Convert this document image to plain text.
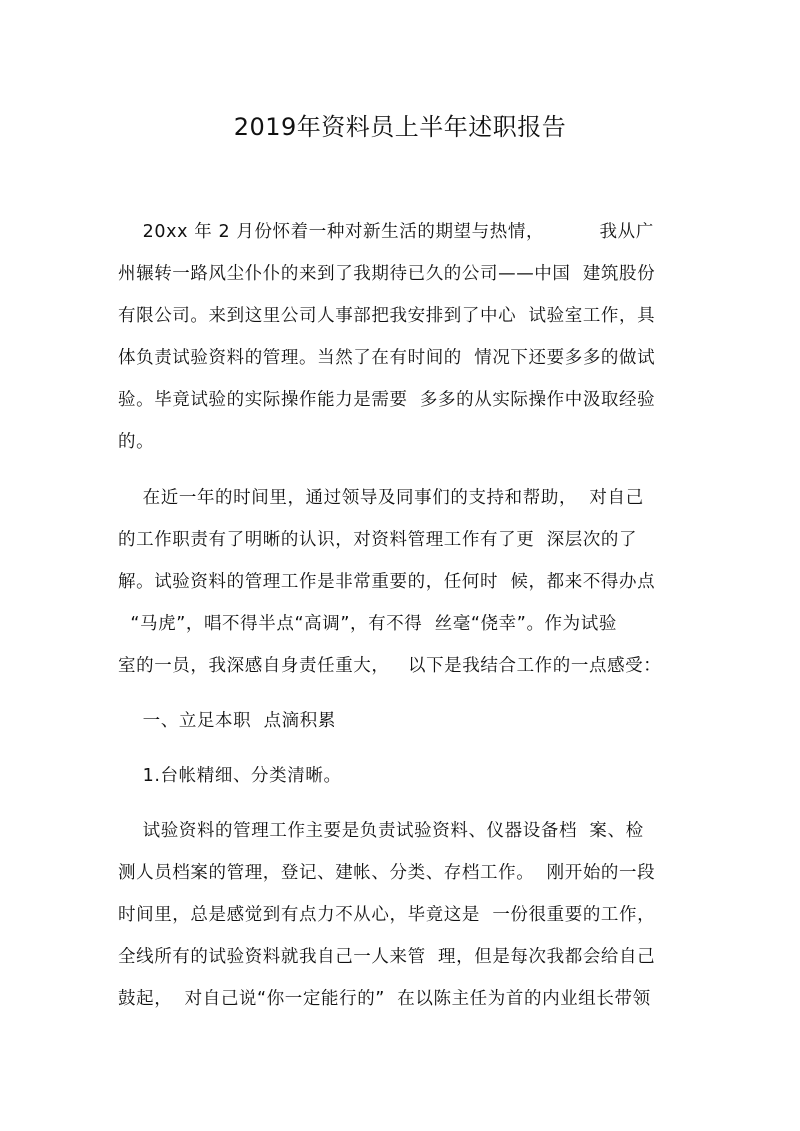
2019年资料员上半年述职报告
20xx 年 2 月份怀着一种对新生活的期望与热情，         我从广
州辗转一路风尘仆仆的来到了我期待已久的公司——中国  建筑股份
有限公司。来到这里公司人事部把我安排到了中心  试验室工作，具
体负责试验资料的管理。当然了在有时间的  情况下还要多多的做试
验。毕竟试验的实际操作能力是需要  多多的从实际操作中汲取经验
的。
在近一年的时间里，通过领导及同事们的支持和帮助，  对自己
的工作职责有了明晰的认识，对资料管理工作有了更  深层次的了
解。试验资料的管理工作是非常重要的，任何时  候，都来不得办点
“马虎”，唱不得半点“高调”，有不得  丝毫“侥幸”。作为试验
室的一员，我深感自身责任重大，   以下是我结合工作的一点感受：
一、立足本职  点滴积累
1.台帐精细、分类清晰。
试验资料的管理工作主要是负责试验资料、仪器设备档  案、检
测人员档案的管理，登记、建帐、分类、存档工作。  刚开始的一段
时间里，总是感觉到有点力不从心，毕竟这是  一份很重要的工作，
全线所有的试验资料就我自己一人来管  理，但是每次我都会给自己
鼓起，  对自己说“你一定能行的”  在以陈主任为首的内业组长带领
